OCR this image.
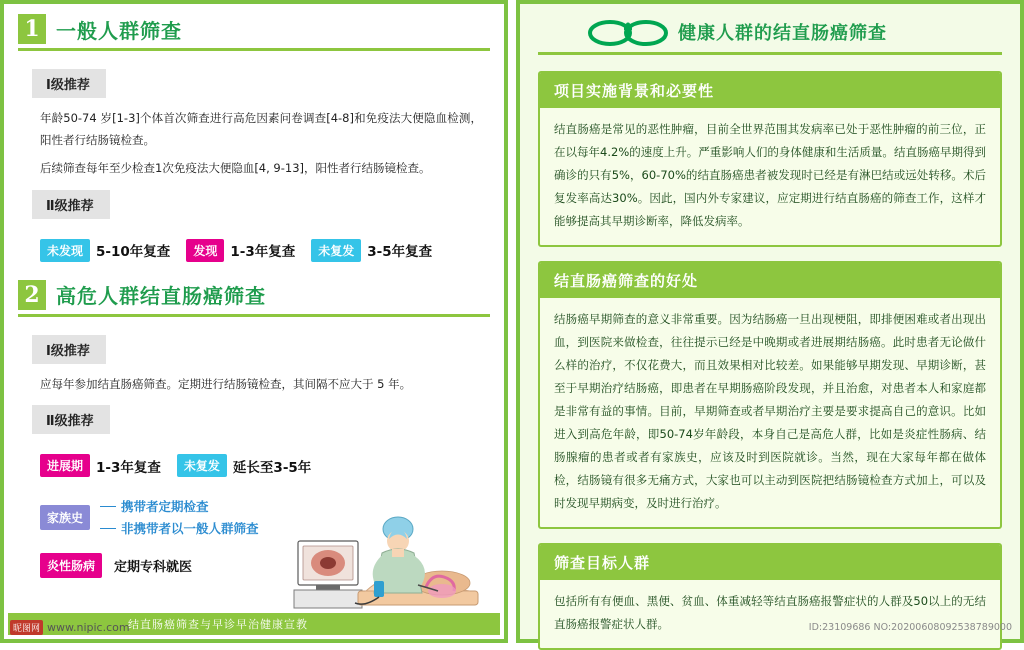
1 一般人群筛查
Ⅰ级推荐
年龄50-74 岁[1-3]个体首次筛查进行高危因素问卷调查[4-8]和免疫法大便隐血检测，阳性者行结肠镜检查。
后续筛查每年至少检查1次免疫法大便隐血[4, 9-13]，阳性者行结肠镜检查。
Ⅱ级推荐
未发现 5-10年复查	发现 1-3年复查	未复发 3-5年复查
2 高危人群结直肠癌筛查
Ⅰ级推荐
应每年参加结直肠癌筛查。定期进行结肠镜检查，其间隔不应大于 5 年。
Ⅱ级推荐
进展期 1-3年复查	未复发 延长至3-5年
家族史
携带者定期检查
非携带者以一般人群筛查
炎性肠病	定期专科就医
结直肠癌筛查与早诊早治健康宣教
昵图网 www.nipic.com
健康人群的结直肠癌筛查
项目实施背景和必要性
结直肠癌是常见的恶性肿瘤，目前全世界范围其发病率已处于恶性肿瘤的前三位，正在以每年4.2%的速度上升。严重影响人们的身体健康和生活质量。结直肠癌早期得到确诊的只有5%，60-70%的结直肠癌患者被发现时已经是有淋巴结或远处转移。术后复发率高达30%。因此，国内外专家建议，应定期进行结直肠癌的筛查工作，这样才能够提高其早期诊断率，降低发病率。
结直肠癌筛查的好处
结肠癌早期筛查的意义非常重要。因为结肠癌一旦出现梗阻，即排便困难或者出现出血，到医院来做检查，往往提示已经是中晚期或者进展期结肠癌。此时患者无论做什么样的治疗，不仅花费大，而且效果相对比较差。如果能够早期发现、早期诊断，甚至于早期治疗结肠癌，即患者在早期肠癌阶段发现，并且治愈，对患者本人和家庭都是非常有益的事情。目前，早期筛查或者早期治疗主要是要求提高自己的意识。比如进入到高危年龄，即50-74岁年龄段，本身自己是高危人群，比如是炎症性肠病、结肠腺瘤的患者或者有家族史，应该及时到医院就诊。当然，现在大家每年都在做体检，结肠镜有很多无痛方式，大家也可以主动到医院把结肠镜检查方式加上，可以及时发现早期病变，及时进行治疗。
筛查目标人群
包括所有有便血、黑便、贫血、体重减轻等结直肠癌报警症状的人群及50以上的无结直肠癌报警症状人群。	ID:23109686 NO:20200608092538789000
